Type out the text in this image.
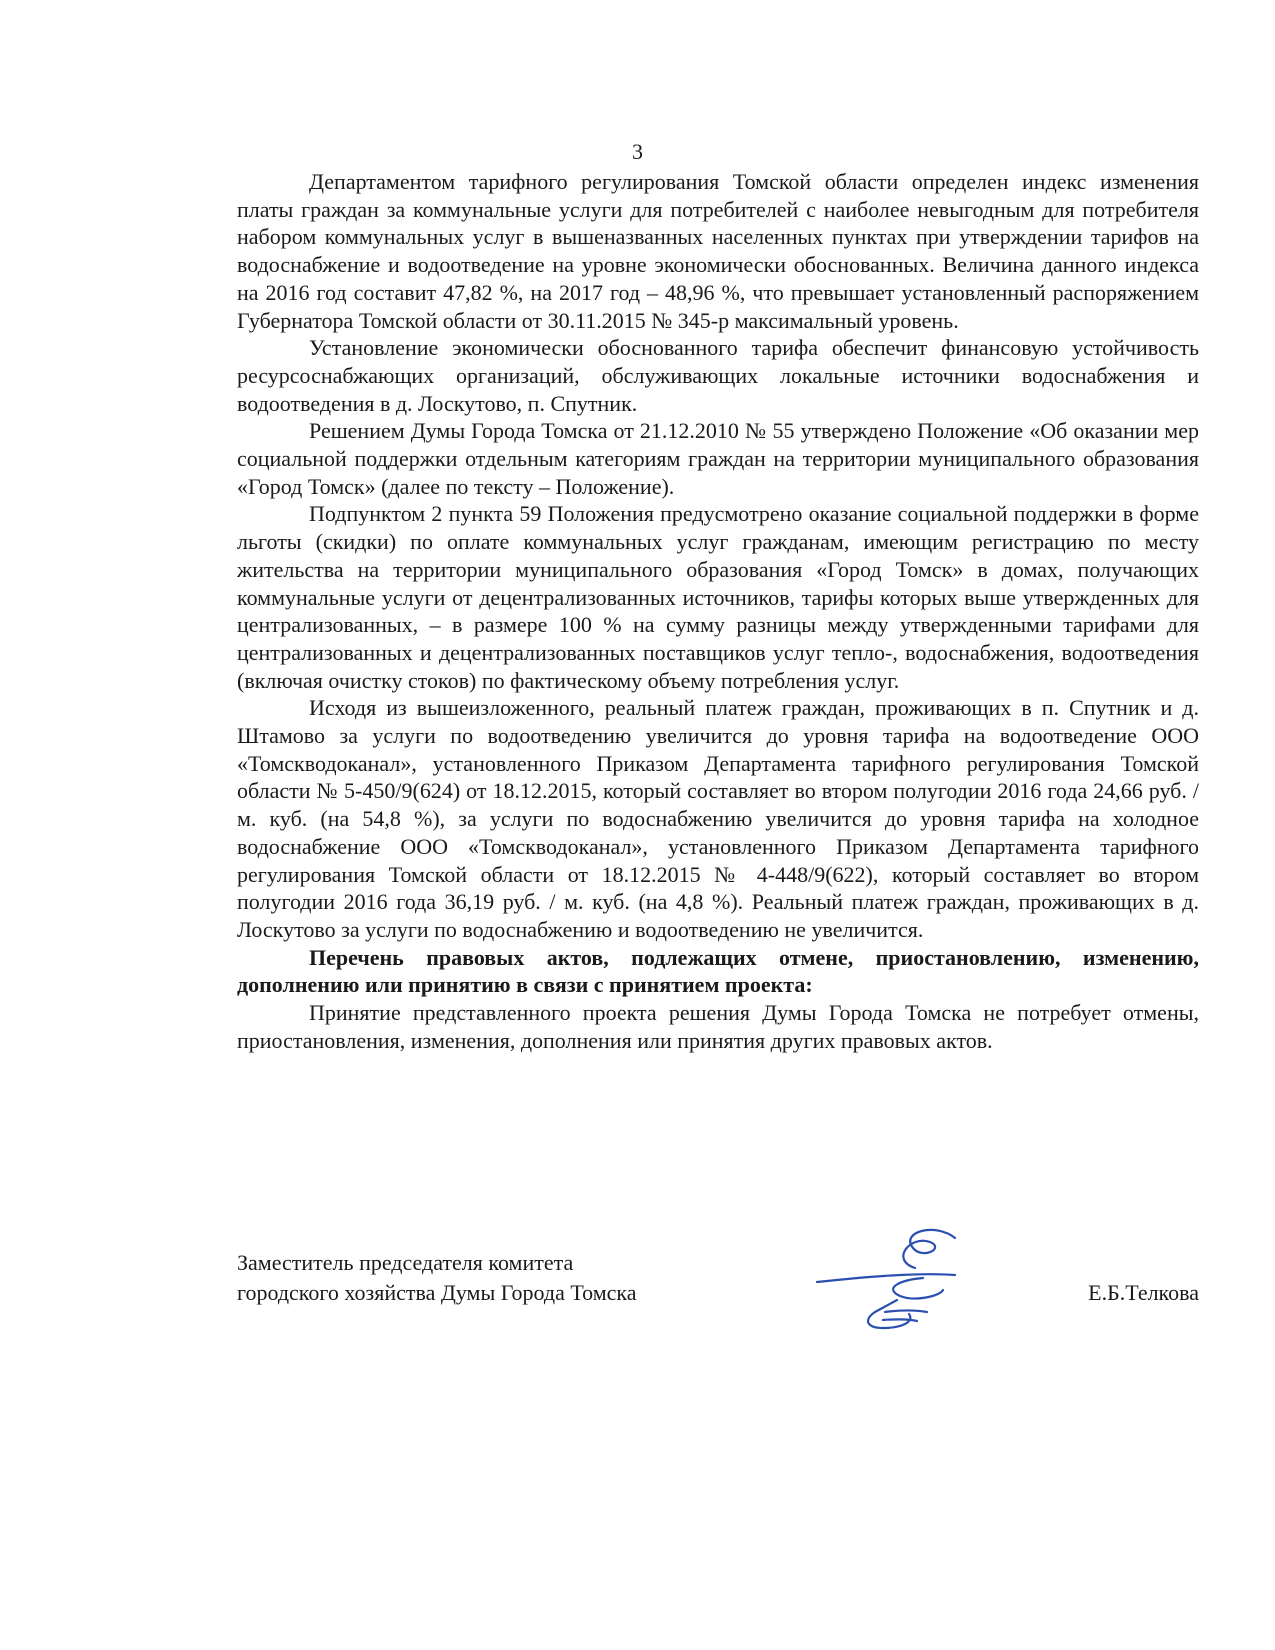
3

Департаментом тарифного регулирования Томской области определен индекс изменения платы граждан за коммунальные услуги для потребителей с наиболее невыгодным для потребителя набором коммунальных услуг в вышеназванных населенных пунктах при утверждении тарифов на водоснабжение и водоотведение на уровне экономически обоснованных. Величина данного индекса на 2016 год составит 47,82 %, на 2017 год – 48,96 %, что превышает установленный распоряжением Губернатора Томской области от 30.11.2015 № 345-р максимальный уровень.

Установление экономически обоснованного тарифа обеспечит финансовую устойчивость ресурсоснабжающих организаций, обслуживающих локальные источники водоснабжения и водоотведения в д. Лоскутово, п. Спутник.

Решением Думы Города Томска от 21.12.2010 № 55 утверждено Положение «Об оказании мер социальной поддержки отдельным категориям граждан на территории муниципального образования «Город Томск» (далее по тексту – Положение).

Подпунктом 2 пункта 59 Положения предусмотрено оказание социальной поддержки в форме льготы (скидки) по оплате коммунальных услуг гражданам, имеющим регистрацию по месту жительства на территории муниципального образования «Город Томск» в домах, получающих коммунальные услуги от децентрализованных источников, тарифы которых выше утвержденных для централизованных, – в размере 100 % на сумму разницы между утвержденными тарифами для централизованных и децентрализованных поставщиков услуг тепло-, водоснабжения, водоотведения (включая очистку стоков) по фактическому объему потребления услуг.

Исходя из вышеизложенного, реальный платеж граждан, проживающих в п. Спутник и д. Штамово за услуги по водоотведению увеличится до уровня тарифа на водоотведение ООО «Томскводоканал», установленного Приказом Департамента тарифного регулирования Томской области № 5-450/9(624) от 18.12.2015, который составляет во втором полугодии 2016 года 24,66 руб. / м. куб. (на 54,8 %), за услуги по водоснабжению увеличится до уровня тарифа на холодное водоснабжение ООО «Томскводоканал», установленного Приказом Департамента тарифного регулирования Томской области от 18.12.2015 № 4-448/9(622), который составляет во втором полугодии 2016 года 36,19 руб. / м. куб. (на 4,8 %). Реальный платеж граждан, проживающих в д. Лоскутово за услуги по водоснабжению и водоотведению не увеличится.

Перечень правовых актов, подлежащих отмене, приостановлению, изменению, дополнению или принятию в связи с принятием проекта:

Принятие представленного проекта решения Думы Города Томска не потребует отмены, приостановления, изменения, дополнения или принятия других правовых актов.

Заместитель председателя комитета
городского хозяйства Думы Города Томска	Е.Б.Телкова
